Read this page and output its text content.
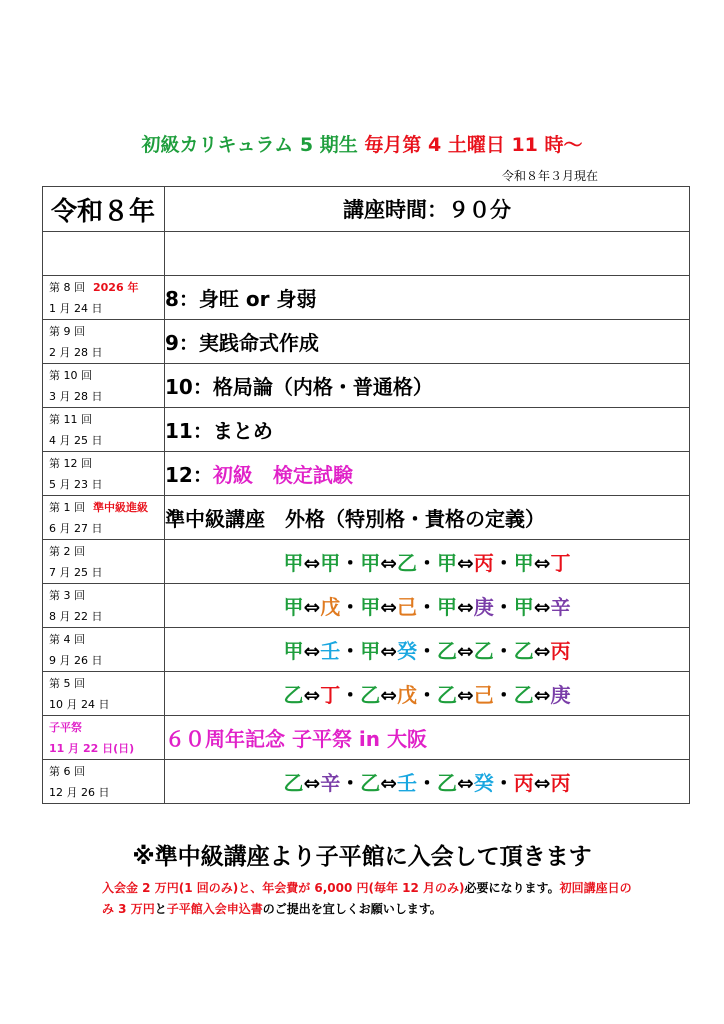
初級カリキュラム 5 期生 毎月第 4 土曜日 11 時～
令和８年３月現在
令和８年	講座時間：９０分

第 8 回 2026 年
1 月 24 日	8：身旺 or 身弱

第 9 回
2 月 28 日	9：実践命式作成

第 10 回
3 月 28 日	10：格局論（内格・普通格）

第 11 回
4 月 25 日	11：まとめ

第 12 回
5 月 23 日	12：初級　検定試験

第 1 回 準中級進級
6 月 27 日	準中級講座　外格（特別格・貴格の定義）

第 2 回
7 月 25 日	甲⇔甲・甲⇔乙・甲⇔丙・甲⇔丁

第 3 回
8 月 22 日	甲⇔戊・甲⇔己・甲⇔庚・甲⇔辛

第 4 回
9 月 26 日	甲⇔壬・甲⇔癸・乙⇔乙・乙⇔丙

第 5 回
10 月 24 日	乙⇔丁・乙⇔戊・乙⇔己・乙⇔庚

子平祭
11 月 22 日(日)	６０周年記念 子平祭 in 大阪

第 6 回
12 月 26 日	乙⇔辛・乙⇔壬・乙⇔癸・丙⇔丙
※準中級講座より子平館に入会して頂きます
入会金 2 万円(1 回のみ)と、年会費が 6,000 円(毎年 12 月のみ)必要になります。初回講座日のみ 3 万円と子平館入会申込書のご提出を宜しくお願いします。
